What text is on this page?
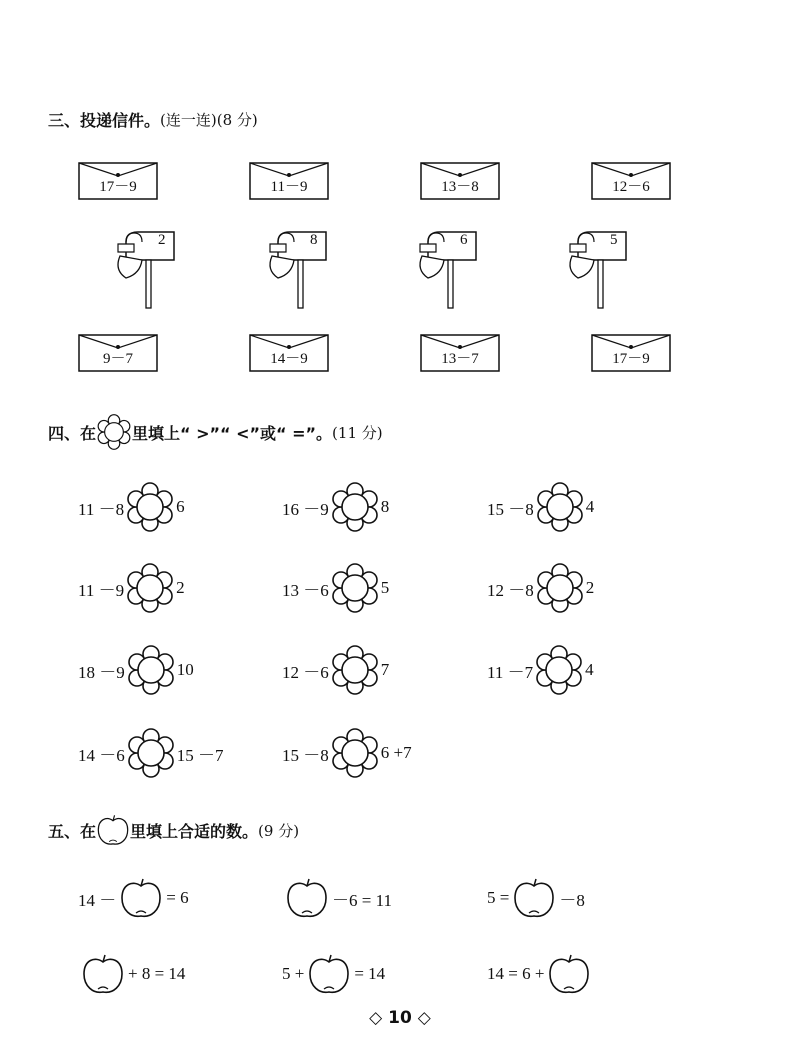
三、投递信件。 (连一连)(8 分)
17－9	11－9	13－8	12－6
2	8	6	5
9－7	14－9	13－7	17－9
四、在 里填上“ >”“ <”或“ =”。 (11 分)
11 －8	6	16 －9	8	15 －8	4
11 －9	2	13 －6	5	12 －8	2
18 －9	10	12 －6	7	11 －7	4
14 －6	15 －7	15 －8	6 +7
五、在 里填上合适的数。 (9 分)
14 －	= 6	－6 = 11	5 =	－8
+ 8 = 14	5 +	= 14	14 = 6 +
◇ 10 ◇
